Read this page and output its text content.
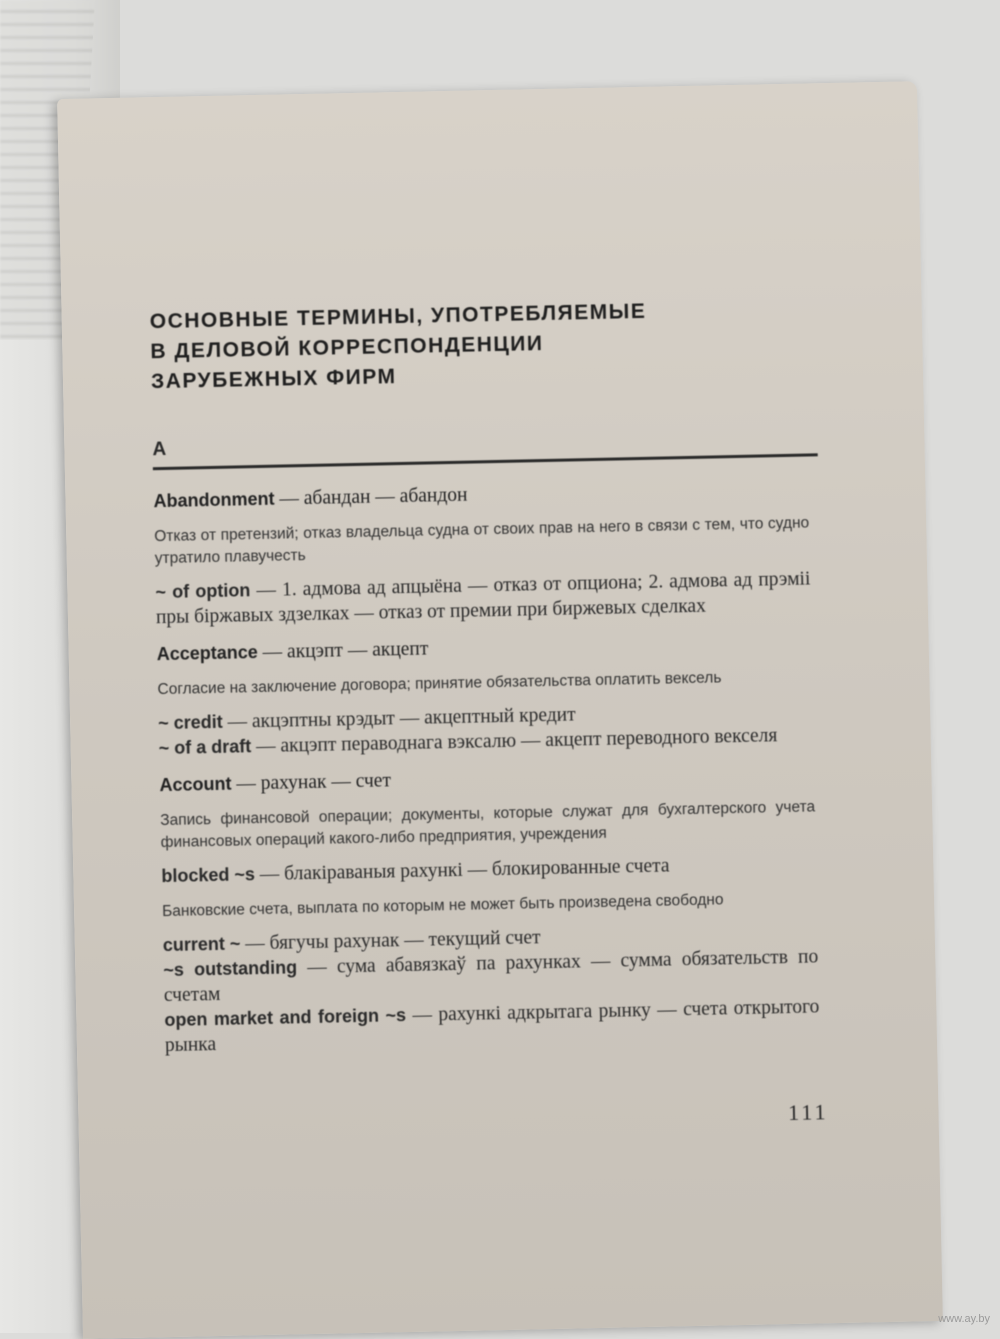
ОСНОВНЫЕ ТЕРМИНЫ, УПОТРЕБЛЯЕМЫЕ
В ДЕЛОВОЙ КОРРЕСПОНДЕНЦИИ
ЗАРУБЕЖНЫХ ФИРМ
A

Abandonment — абандан — абандон

Отказ от претензий; отказ владельца судна от своих прав на него в связи с тем, что судно утратило плавучесть

~ of option — 1. адмова ад апцыёна — отказ от опциона; 2. адмова ад прэмii пры біржавых здзелках — отказ от премии при биржевых сделках

Acceptance — акцэпт — акцепт

Согласие на заключение договора; принятие обязательства оплатить вексель

~ credit — акцэптны крэдыт — акцептный кредит

~ of a draft — акцэпт пераводнага вэксалю — акцепт переводного векселя

Account — рахунак — счет

Запись финансовой операции; документы, которые служат для бухгалтерского учета финансовых операций какого-либо предприятия, учреждения

blocked ~s — блакіраваныя рахункі — блокированные счета

Банковские счета, выплата по которым не может быть произведена свободно

current ~ — бягучы рахунак — текущий счет

~s outstanding — сума абавязкаў па рахунках — сумма обязательств по счетам

open market and foreign ~s — рахункі адкрытага рынку — счета открытого рынка

111
www.ay.by
